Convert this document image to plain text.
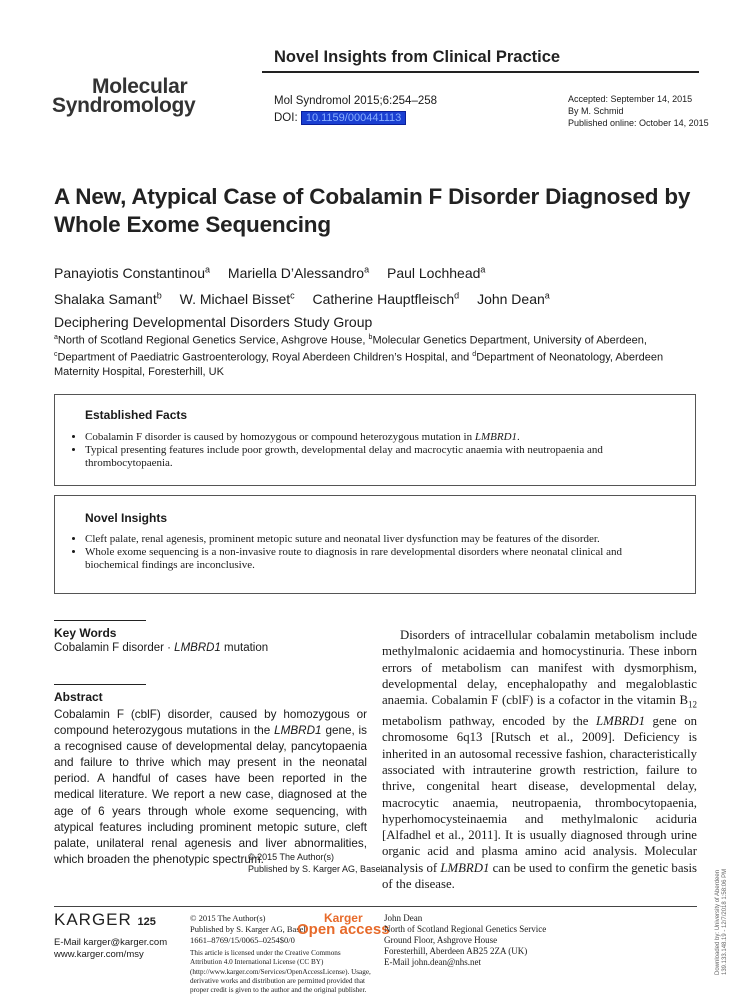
Novel Insights from Clinical Practice
Molecular
Syndromology	Mol Syndromol 2015;6:254–258
DOI: 10.1159/000441113
Accepted: September 14, 2015
By M. Schmid
Published online: October 14, 2015
A New, Atypical Case of Cobalamin F Disorder Diagnosed by Whole Exome Sequencing
Panayiotis Constantinou$^a$ Mariella D’Alessandro$^a$ Paul Lochhead$^a$
Shalaka Samant$^b$ W. Michael Bisset$^c$ Catherine Hauptfleisch$^d$ John Dean$^a$
Deciphering Developmental Disorders Study Group
$^a$North of Scotland Regional Genetics Service, Ashgrove House, $^b$Molecular Genetics Department, University of Aberdeen,
$^c$Department of Paediatric Gastroenterology, Royal Aberdeen Children’s Hospital, and $^d$Department of Neonatology, Aberdeen Maternity Hospital, Foresterhill, UK
Established Facts
• Cobalamin F disorder is caused by homozygous or compound heterozygous mutation in LMBRD1.
• Typical presenting features include poor growth, developmental delay and macrocytic anaemia with neutropaenia and thrombocytopaenia.
Novel Insights
• Cleft palate, renal agenesis, prominent metopic suture and neonatal liver dysfunction may be features of the disorder.
• Whole exome sequencing is a non-invasive route to diagnosis in rare developmental disorders where neonatal clinical and biochemical findings are inconclusive.
Key Words
Cobalamin F disorder · LMBRD1 mutation
Abstract
Cobalamin F (cblF) disorder, caused by homozygous or compound heterozygous mutations in the LMBRD1 gene, is a recognised cause of developmental delay, pancytopaenia and failure to thrive which may present in the neonatal period. A handful of cases have been reported in the medical literature. We report a new case, diagnosed at the age of 6 years through whole exome sequencing, with atypical features including prominent metopic suture, cleft palate, unilateral renal agenesis and liver abnormalities, which broaden the phenotypic spectrum.
© 2015 The Author(s)
Published by S. Karger AG, Basel
Disorders of intracellular cobalamin metabolism include methylmalonic acidaemia and homocystinuria. These inborn errors of metabolism can manifest with dysmorphism, developmental delay, encephalopathy and megaloblastic anaemia. Cobalamin F (cblF) is a cofactor in the vitamin $B_{12}$ metabolism pathway, encoded by the LMBRD1 gene on chromosome 6q13 [Rutsch et al., 2009]. Deficiency is inherited in an autosomal recessive fashion, characteristically associated with intrauterine growth restriction, failure to thrive, congenital heart disease, developmental delay, macrocytic anaemia, neutropaenia, thrombocytopaenia, hyperhomocysteinaemia and methylmalonic aciduria [Alfadhel et al., 2011]. It is usually diagnosed through urine organic acid and plasma amino acid analysis. Molecular analysis of LMBRD1 can be used to confirm the genetic basis of the disease.
KARGER 125
E-Mail karger@karger.com
www.karger.com/msy
© 2015 The Author(s)
Published by S. Karger AG, Basel
1661–8769/15/0065–0254$0/0
This article is licensed under the Creative Commons Attribution 4.0 International License (CC BY) (http://www.karger.com/Services/OpenAccessLicense). Usage, derivative works and distribution are permitted provided that proper credit is given to the author and the original publisher.
Karger
Open access
John Dean
North of Scotland Regional Genetics Service
Ground Floor, Ashgrove House
Foresterhill, Aberdeen AB25 2ZA (UK)
E-Mail john.dean@nhs.net	Downloaded by: University of Aberdeen 139.133.148.19 - 12/7/2018 1:58:06 PM
